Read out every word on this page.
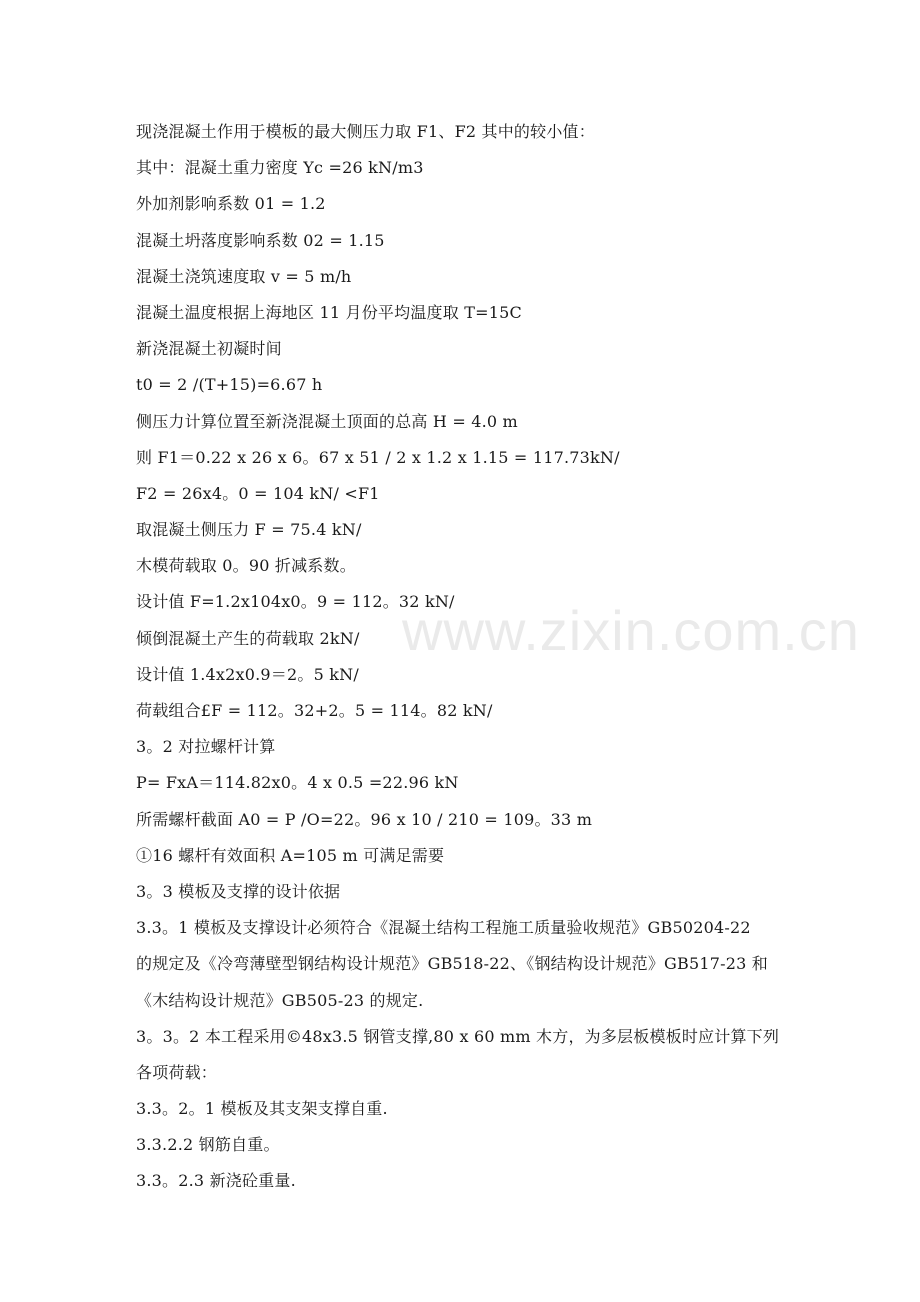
现浇混凝土作用于模板的最大侧压力取 F1、F2 其中的较小值：
其中：混凝土重力密度 Yc =26 kN/m3
外加剂影响系数 01 = 1.2
混凝土坍落度影响系数 02 = 1.15
混凝土浇筑速度取 v = 5 m/h
混凝土温度根据上海地区 11 月份平均温度取 T=15C
新浇混凝土初凝时间
t0 = 2 /(T+15)=6.67 h
侧压力计算位置至新浇混凝土顶面的总高 H = 4.0 m
则 F1＝0.22 x 26 x 6。67 x 51 / 2 x 1.2 x 1.15 = 117.73kN/
F2 = 26x4。0 = 104 kN/ <F1
取混凝土侧压力 F = 75.4 kN/
木模荷载取 0。90 折减系数。
设计值 F=1.2x104x0。9 = 112。32 kN/
倾倒混凝土产生的荷载取 2kN/
设计值 1.4x2x0.9＝2。5 kN/
荷载组合£F = 112。32+2。5 = 114。82 kN/
3。2 对拉螺杆计算
P= FxA＝114.82x0。4 x 0.5 =22.96 kN
所需螺杆截面 A0 = P /O=22。96 x 10 / 210 = 109。33 m
①16 螺杆有效面积 A=105 m 可满足需要
3。3 模板及支撑的设计依据
3.3。1 模板及支撑设计必须符合《混凝土结构工程施工质量验收规范》GB50204-22
的规定及《冷弯薄壁型钢结构设计规范》GB518-22、《钢结构设计规范》GB517-23 和
《木结构设计规范》GB505-23 的规定.
3。3。2 本工程采用©48x3.5 钢管支撑,80 x 60 mm 木方，为多层板模板时应计算下列
各项荷载：
3.3。2。1 模板及其支架支撑自重.
3.3.2.2 钢筋自重。
3.3。2.3 新浇砼重量.
www.zixin.com.cn
